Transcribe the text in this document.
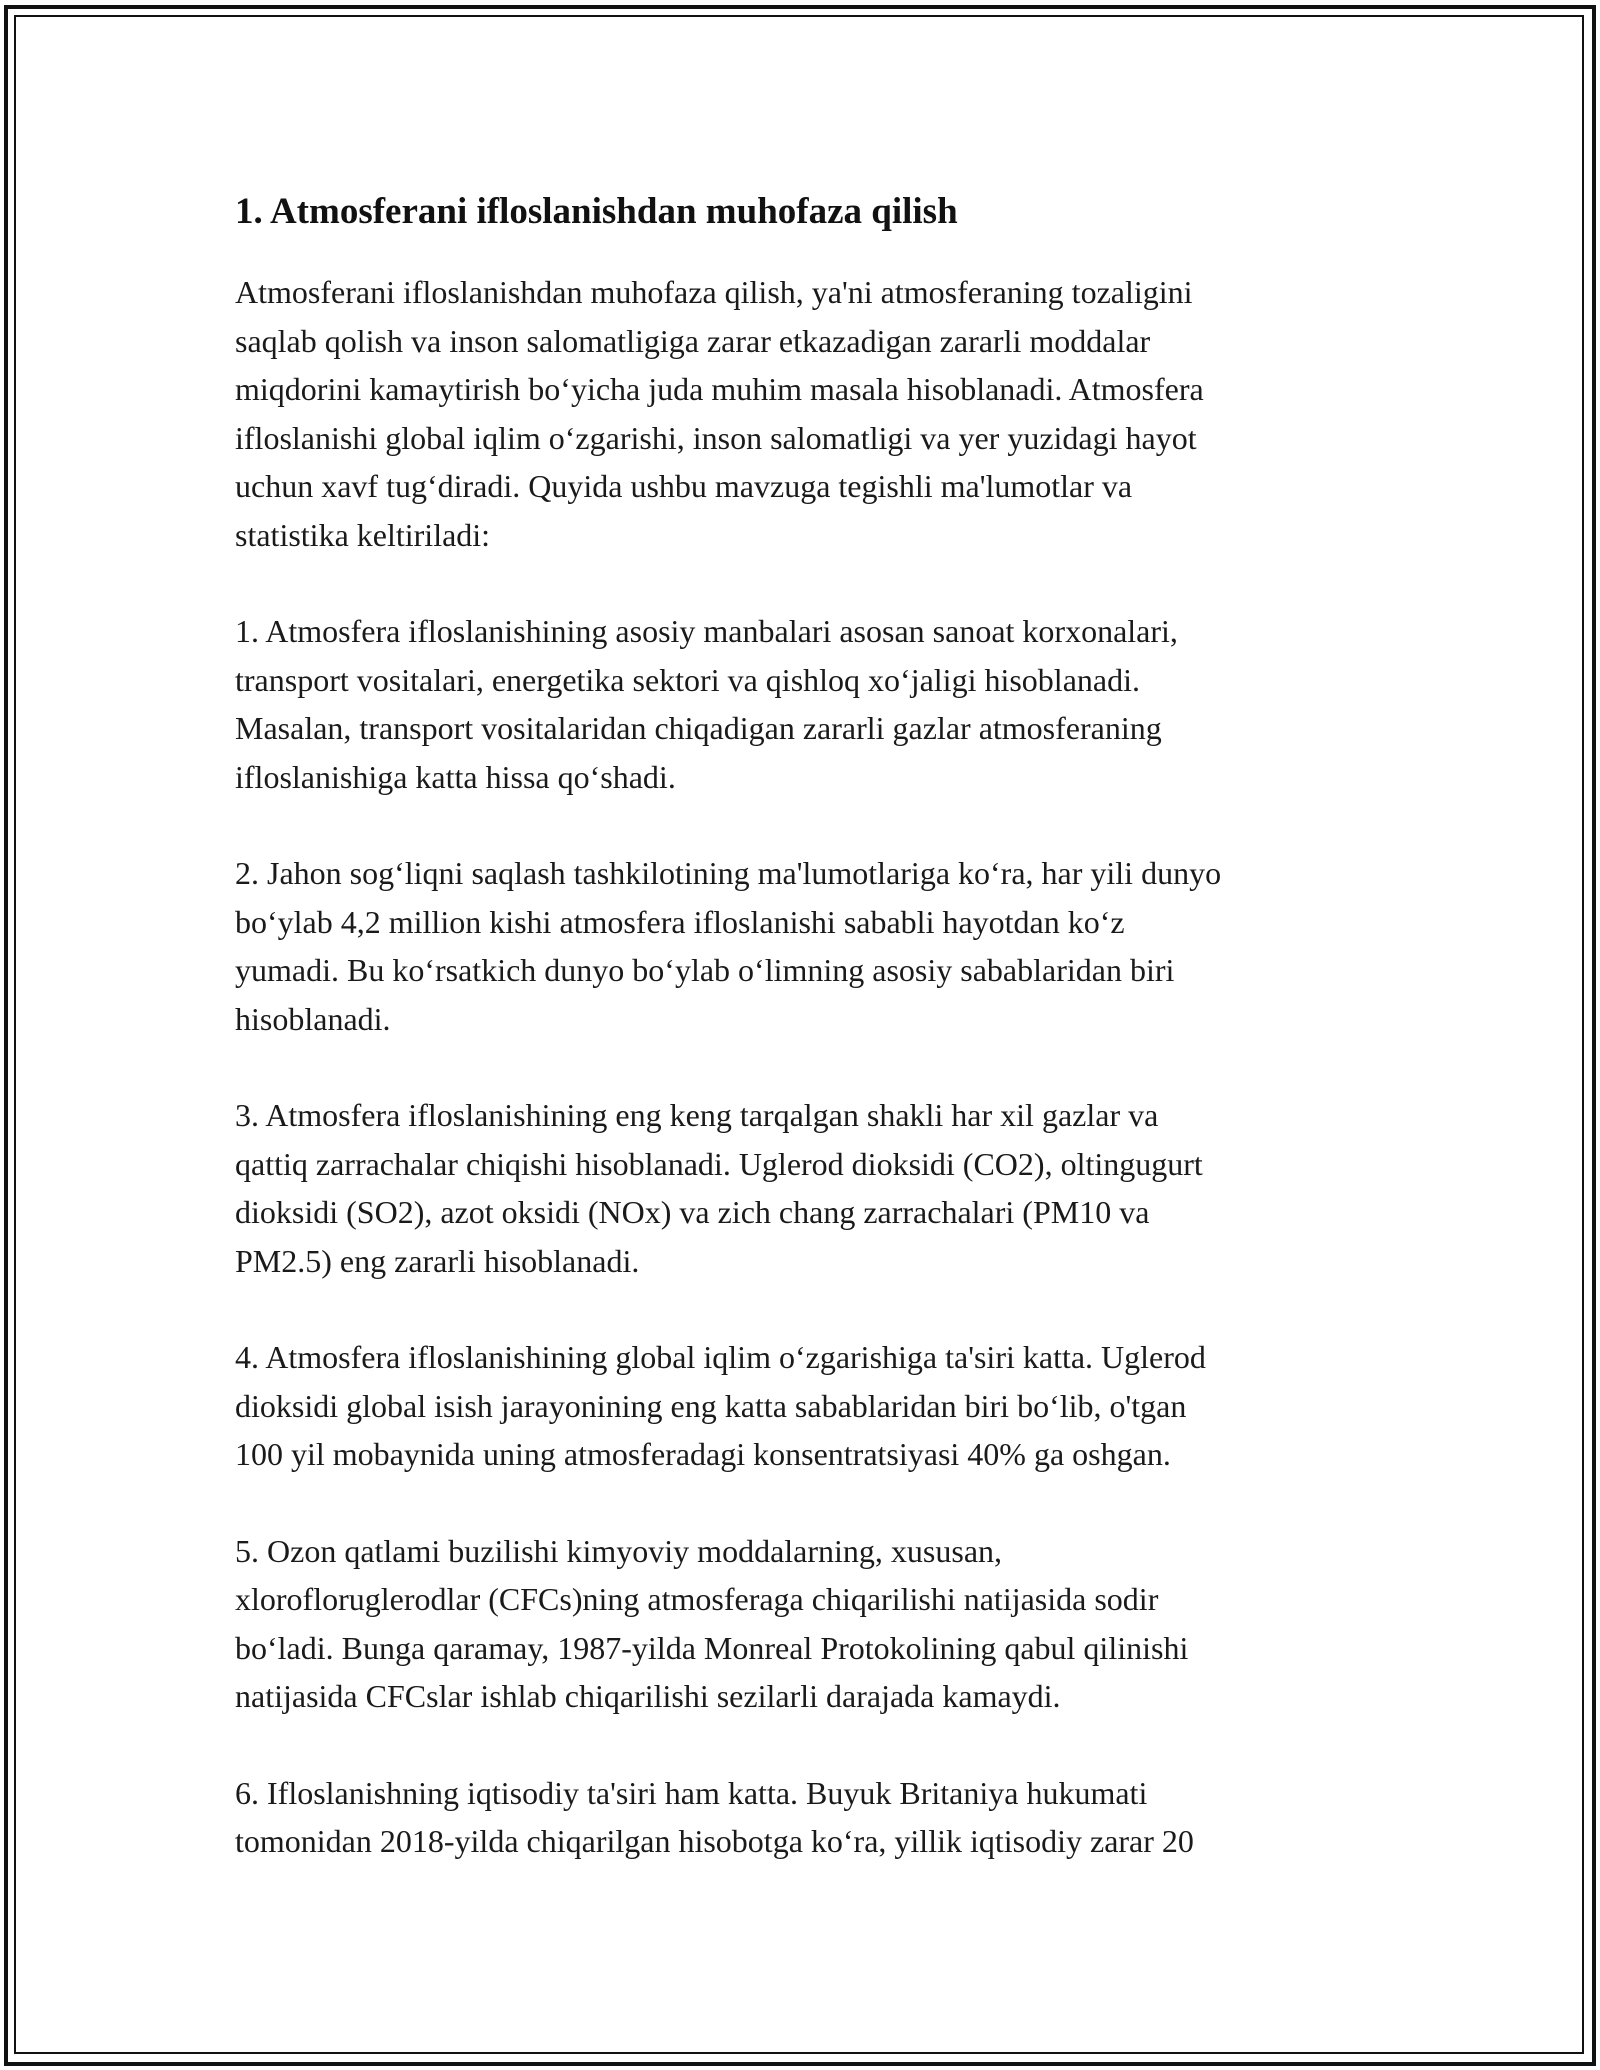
1. Atmosferani ifloslanishdan muhofaza qilish

Atmosferani ifloslanishdan muhofaza qilish, ya'ni atmosferaning tozaligini
saqlab qolish va inson salomatligiga zarar etkazadigan zararli moddalar
miqdorini kamaytirish bo‘yicha juda muhim masala hisoblanadi. Atmosfera
ifloslanishi global iqlim o‘zgarishi, inson salomatligi va yer yuzidagi hayot
uchun xavf tug‘diradi. Quyida ushbu mavzuga tegishli ma'lumotlar va
statistika keltiriladi:

1. Atmosfera ifloslanishining asosiy manbalari asosan sanoat korxonalari,
transport vositalari, energetika sektori va qishloq xo‘jaligi hisoblanadi.
Masalan, transport vositalaridan chiqadigan zararli gazlar atmosferaning
ifloslanishiga katta hissa qo‘shadi.

2. Jahon sog‘liqni saqlash tashkilotining ma'lumotlariga ko‘ra, har yili dunyo
bo‘ylab 4,2 million kishi atmosfera ifloslanishi sababli hayotdan ko‘z
yumadi. Bu ko‘rsatkich dunyo bo‘ylab o‘limning asosiy sabablaridan biri
hisoblanadi.

3. Atmosfera ifloslanishining eng keng tarqalgan shakli har xil gazlar va
qattiq zarrachalar chiqishi hisoblanadi. Uglerod dioksidi (CO2), oltingugurt
dioksidi (SO2), azot oksidi (NOx) va zich chang zarrachalari (PM10 va
PM2.5) eng zararli hisoblanadi.

4. Atmosfera ifloslanishining global iqlim o‘zgarishiga ta'siri katta. Uglerod
dioksidi global isish jarayonining eng katta sabablaridan biri bo‘lib, o'tgan
100 yil mobaynida uning atmosferadagi konsentratsiyasi 40% ga oshgan.

5. Ozon qatlami buzilishi kimyoviy moddalarning, xususan,
xlorofloruglerodlar (CFCs)ning atmosferaga chiqarilishi natijasida sodir
bo‘ladi. Bunga qaramay, 1987-yilda Monreal Protokolining qabul qilinishi
natijasida CFCslar ishlab chiqarilishi sezilarli darajada kamaydi.

6. Ifloslanishning iqtisodiy ta'siri ham katta. Buyuk Britaniya hukumati
tomonidan 2018-yilda chiqarilgan hisobotga ko‘ra, yillik iqtisodiy zarar 20
